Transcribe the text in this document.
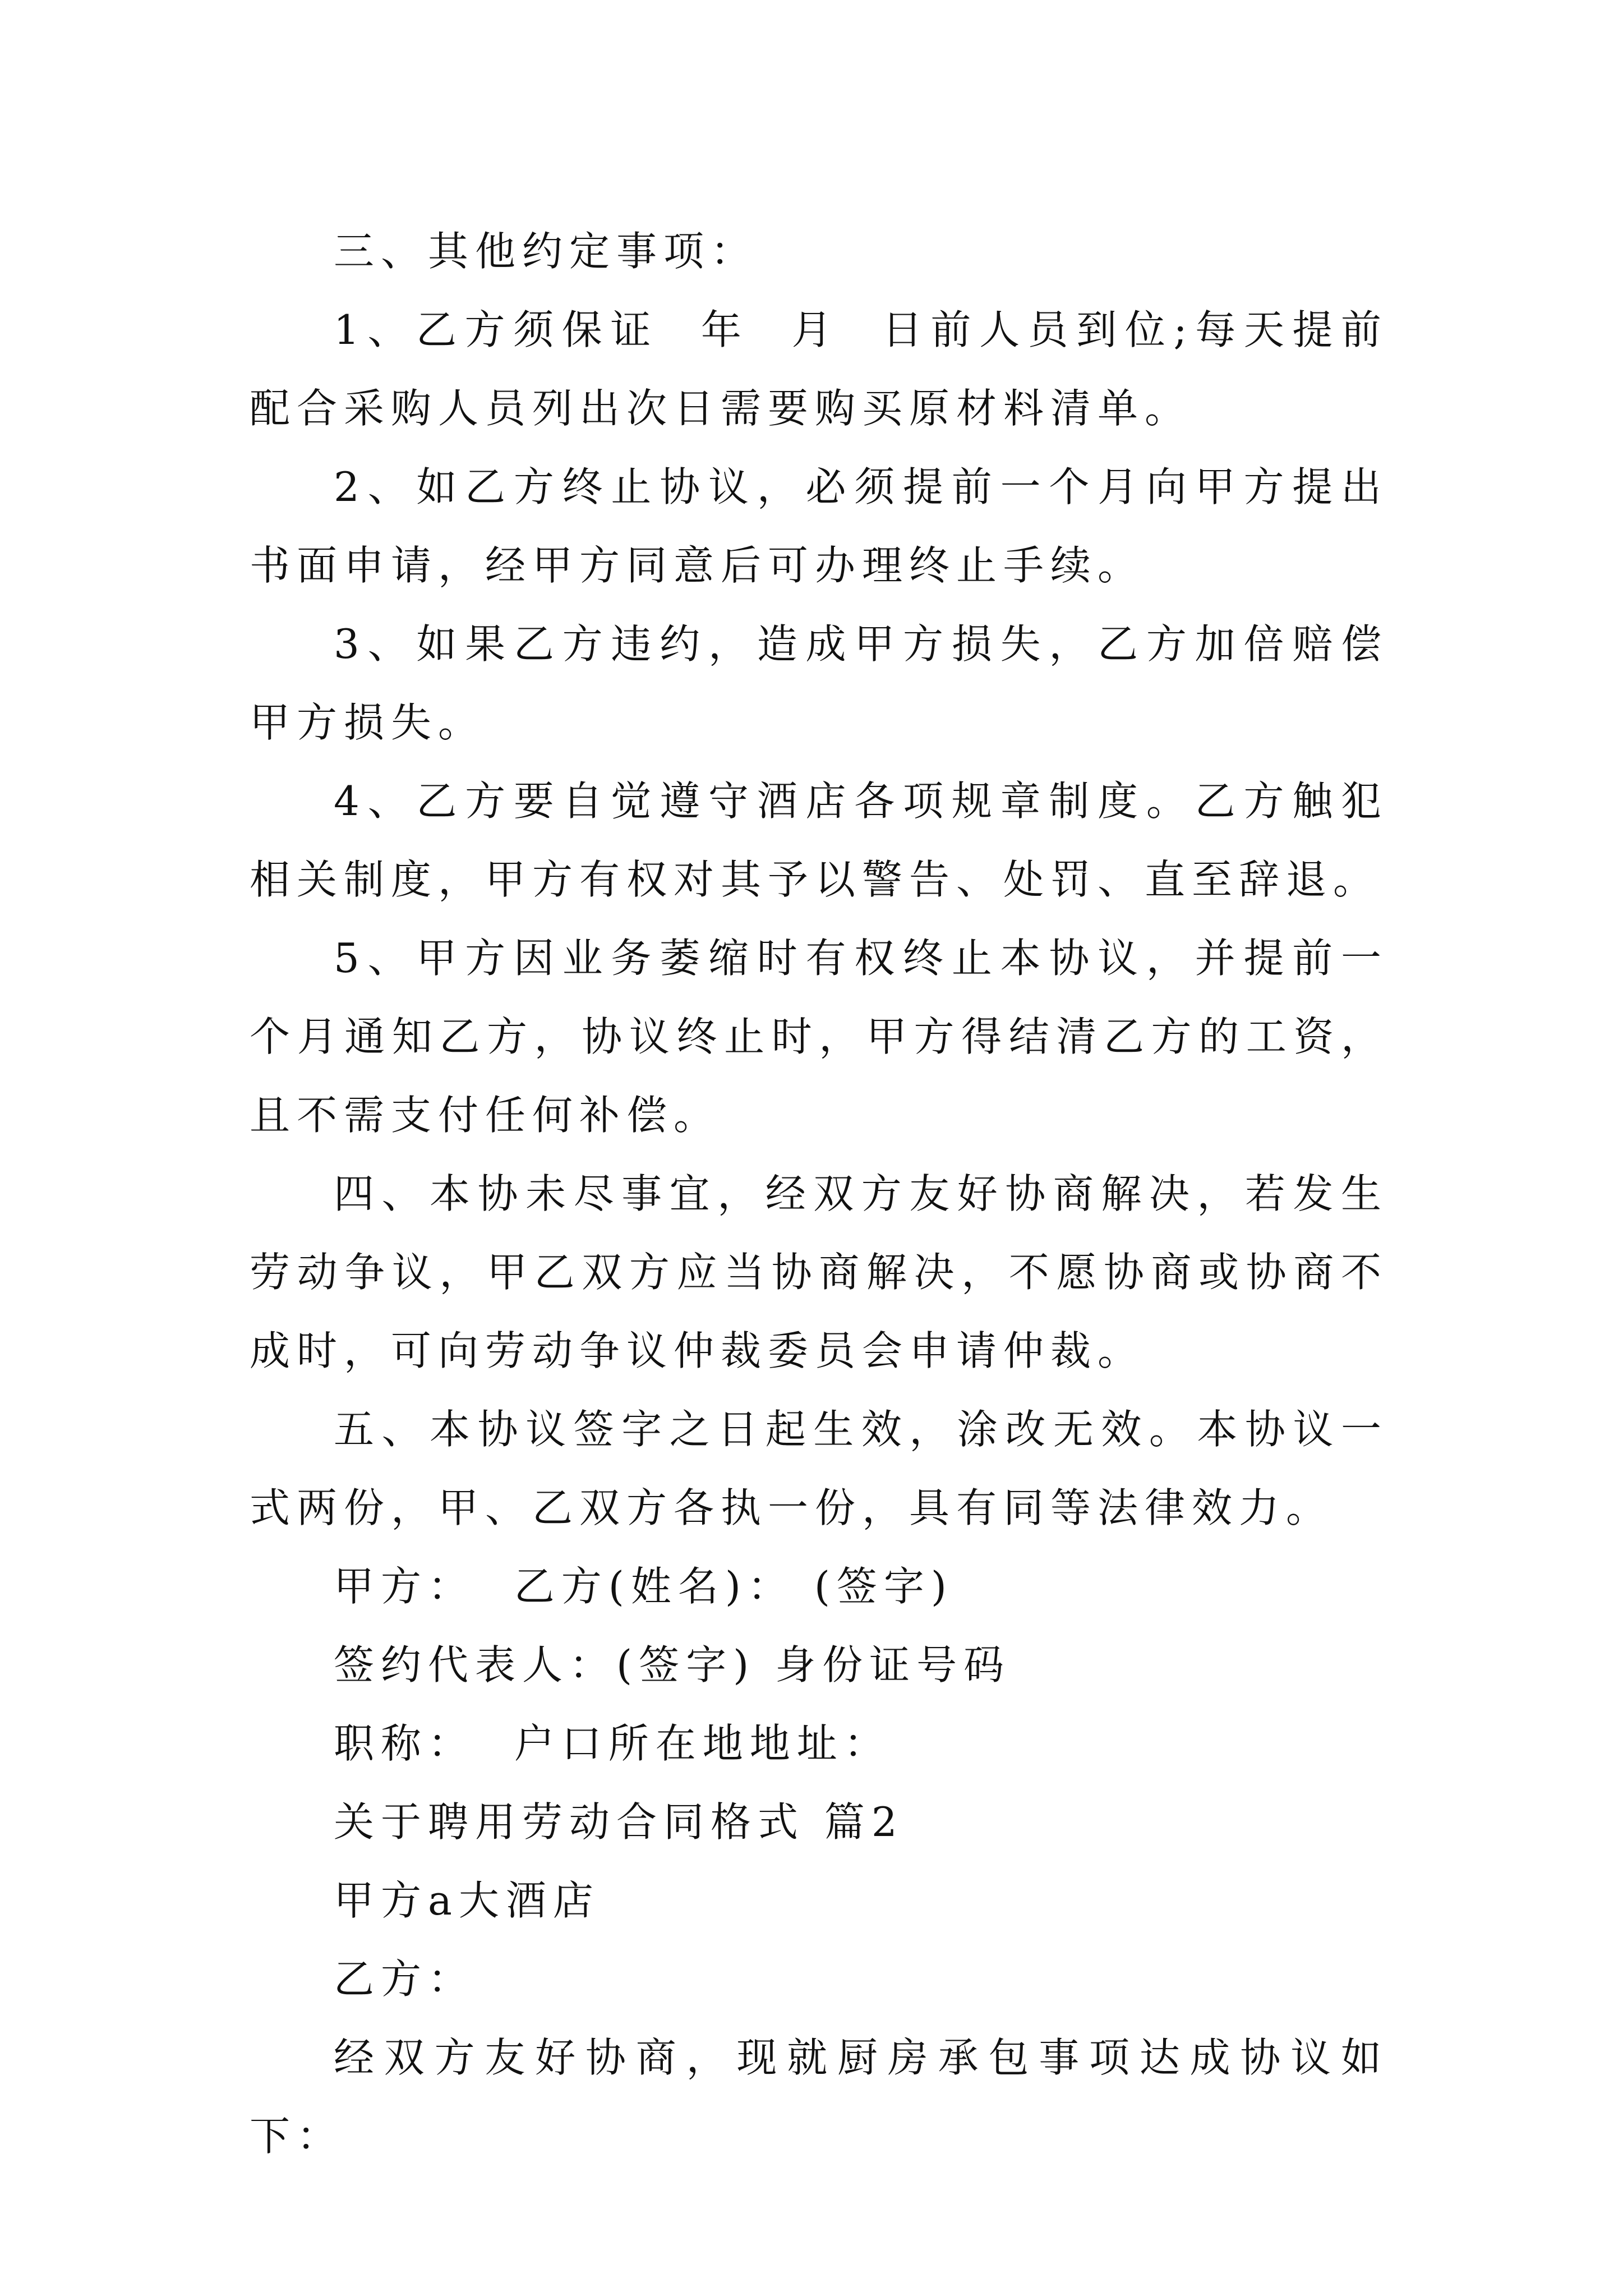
三、其他约定事项：

1、乙方须保证  年  月  日前人员到位;每天提前配合采购人员列出次日需要购买原材料清单。

2、如乙方终止协议，必须提前一个月向甲方提出书面申请，经甲方同意后可办理终止手续。

3、如果乙方违约，造成甲方损失，乙方加倍赔偿甲方损失。

4、乙方要自觉遵守酒店各项规章制度。乙方触犯相关制度，甲方有权对其予以警告、处罚、直至辞退。

5、甲方因业务萎缩时有权终止本协议，并提前一个月通知乙方，协议终止时，甲方得结清乙方的工资，且不需支付任何补偿。

四、本协未尽事宜，经双方友好协商解决，若发生劳动争议，甲乙双方应当协商解决，不愿协商或协商不成时，可向劳动争议仲裁委员会申请仲裁。

五、本协议签字之日起生效，涂改无效。本协议一式两份，甲、乙双方各执一份，具有同等法律效力。

甲方：  乙方(姓名)： (签字)

签约代表人：(签字) 身份证号码

职称：  户口所在地地址：

关于聘用劳动合同格式 篇2

甲方a大酒店

乙方：

经双方友好协商，现就厨房承包事项达成协议如下：
